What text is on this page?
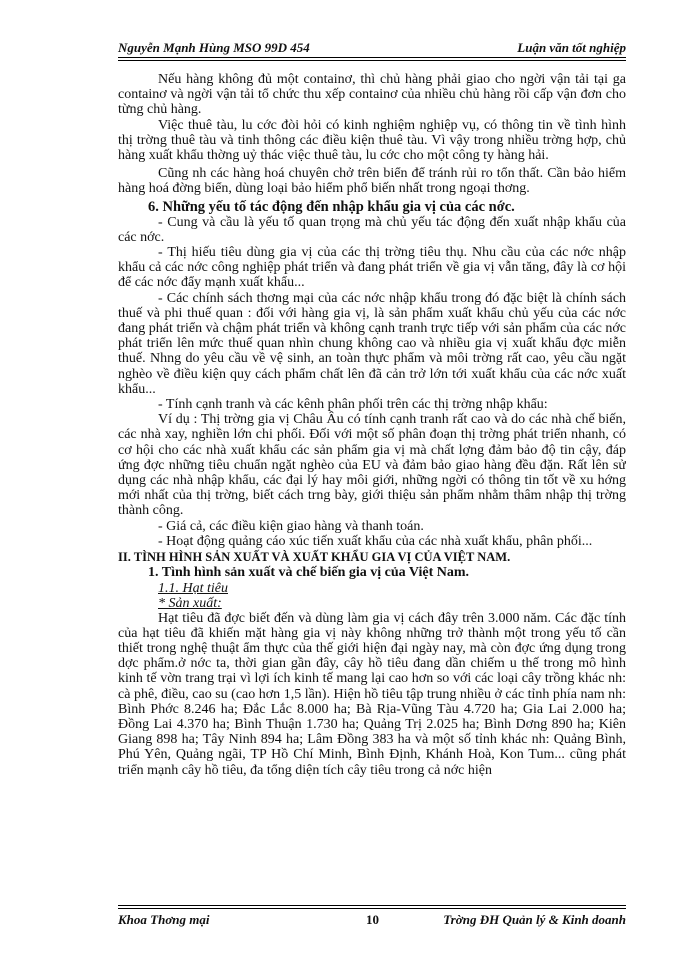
Nguyễn Mạnh Hùng MSO 99D 454	Luận văn tốt nghiệp

Nếu hàng không đủ một containơ, thì chủ hàng phải giao cho ngời vận tải tại ga containơ và ngời vận tải tổ chức thu xếp containơ của nhiều chủ hàng rồi cấp vận đơn cho từng chủ hàng.

Việc thuê tàu, lu cớc đòi hỏi có kinh nghiệm nghiệp vụ, có thông tin về tình hình thị trờng thuê tàu và tinh thông các điều kiện thuê tàu. Vì vậy trong nhiều trờng hợp, chủ hàng xuất khẩu thờng uỷ thác việc thuê tàu, lu cớc cho một công ty hàng hải.

Cũng nh các hàng hoá chuyên chở trên biển để tránh rủi ro tổn thất. Cần bảo hiểm hàng hoá đờng biển, dùng loại bảo hiểm phổ biến nhất trong ngoại thơng.

6. Những yếu tố tác động đến nhập khẩu gia vị của các nớc.

- Cung và cầu là yếu tố quan trọng mà chủ yếu tác động đến xuất nhập khẩu của các nớc.

- Thị hiếu tiêu dùng gia vị của các thị trờng tiêu thụ. Nhu cầu của các nớc nhập khẩu cả các nớc công nghiệp phát triển và đang phát triển về gia vị vẫn tăng, đây là cơ hội để các nớc đẩy mạnh xuất khẩu...

- Các chính sách thơng mại của các nớc nhập khẩu trong đó đặc biệt là chính sách thuế và phi thuế quan : đối với hàng gia vị, là sản phẩm xuất khẩu chủ yếu của các nớc đang phát triển và chậm phát triển và không cạnh tranh trực tiếp với sản phẩm của các nớc phát triển lên mức thuế quan nhìn chung không cao và nhiều gia vị xuất khẩu đợc miễn thuế. Nhng do yêu cầu về vệ sinh, an toàn thực phẩm và môi trờng rất cao, yêu cầu ngặt nghèo về điều kiện quy cách phẩm chất lên đã cản trở lớn tới xuất khẩu của các nớc xuất khẩu...

- Tính cạnh tranh và các kênh phân phối trên các thị trờng nhập khẩu:

Ví dụ : Thị trờng gia vị Châu Âu có tính cạnh tranh rất cao và do các nhà chế biến, các nhà xay, nghiền lớn chi phối. Đối với một số phân đoạn thị trờng phát triển nhanh, có cơ hội cho các nhà xuất khẩu các sản phẩm gia vị mà chất lợng đảm bảo độ tin cậy, đáp ứng đợc những tiêu chuẩn ngặt nghèo của EU và đảm bảo giao hàng đều đặn. Rất lên sử dụng các nhà nhập khẩu, các đại lý hay môi giới, những ngời có thông tin tốt về xu hớng mới nhất của thị trờng, biết cách trng bày, giới thiệu sản phẩm nhằm thâm nhập thị trờng thành công.

- Giá cả, các điều kiện giao hàng và thanh toán.

- Hoạt động quảng cáo xúc tiến xuất khẩu của các nhà xuất khẩu, phân phối...

II. TÌNH HÌNH SẢN XUẤT VÀ XUẤT KHẨU GIA VỊ CỦA VIỆT NAM.
1. Tình hình sản xuất và chế biến gia vị của Việt Nam.
1.1. Hạt tiêu
* Sản xuất:

Hạt tiêu đã đợc biết đến và dùng làm gia vị cách đây trên 3.000 năm. Các đặc tính của hạt tiêu đã khiến mặt hàng gia vị này không những trở thành một trong yếu tố cần thiết trong nghệ thuật ẩm thực của thế giới hiện đại ngày nay, mà còn đợc ứng dụng trong dợc phẩm.ở nớc ta, thời gian gần đây, cây hồ tiêu đang dần chiếm u thế trong mô hình kinh tế vờn trang trại vì lợi ích kinh tế mang lại cao hơn so với các loại cây trồng khác nh: cà phê, điều, cao su (cao hơn 1,5 lần). Hiện hồ tiêu tập trung nhiều ở các tỉnh phía nam nh: Bình Phớc 8.246 ha; Đắc Lắc 8.000 ha; Bà Rịa-Vũng Tàu 4.720 ha; Gia Lai 2.000 ha; Đồng Lai 4.370 ha; Bình Thuận 1.730 ha; Quảng Trị 2.025 ha; Bình Dơng 890 ha; Kiên Giang 898 ha; Tây Ninh 894 ha; Lâm Đồng 383 ha và một số tỉnh khác nh: Quảng Bình, Phú Yên, Quảng ngãi, TP Hồ Chí Minh, Bình Định, Khánh Hoà, Kon Tum... cũng phát triển mạnh cây hồ tiêu, đa tổng diện tích cây tiêu trong cả nớc hiện

Khoa Thơng mại	10	Trờng ĐH Quản lý & Kinh doanh
